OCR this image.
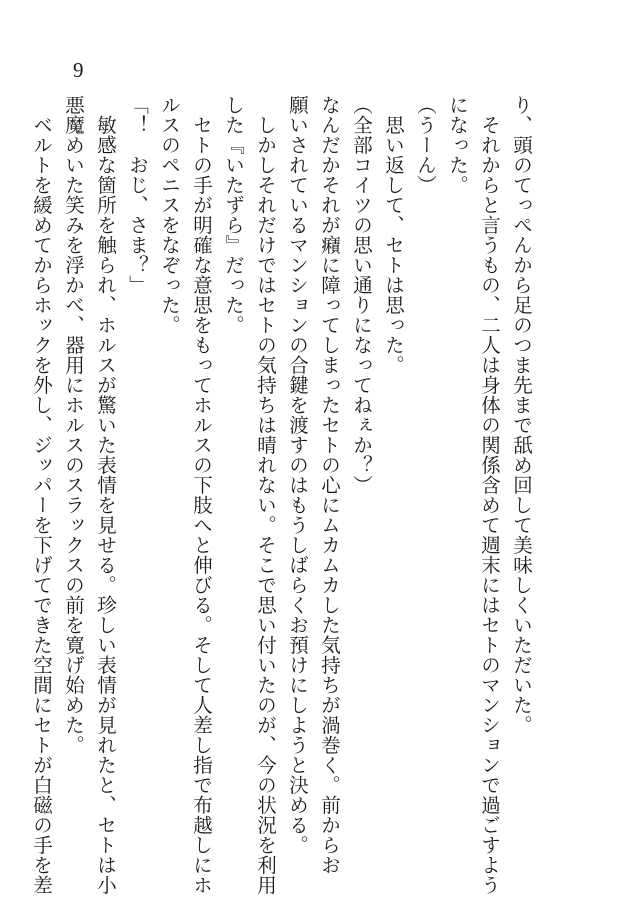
9
り、頭のてっぺんから足のつま先まで舐め回して美味しくいただいた。
　それからと言うもの、二人は身体の関係含めて週末にはセトのマンションで過ごすよう
になった。
（うーん）
　思い返して、セトは思った。
（全部コイツの思い通りになってねぇか？）
なんだかそれが癪に障ってしまったセトの心にムカムカした気持ちが渦巻く。前からお
願いされているマンションの合鍵を渡すのはもうしばらくお預けにしようと決める。
　しかしそれだけではセトの気持ちは晴れない。そこで思い付いたのが、今の状況を利用
した『いたずら』だった。
　セトの手が明確な意思をもってホルスの下肢へと伸びる。そして人差し指で布越しにホ
ルスのペニスをなぞった。
「！　おじ、さま？」
　敏感な箇所を触られ、ホルスが驚いた表情を見せる。珍しい表情が見れたと、セトは小
悪魔めいた笑みを浮かべ、器用にホルスのスラックスの前を寛げ始めた。
　ベルトを緩めてからホックを外し、ジッパーを下げてできた空間にセトが白磁の手を差
